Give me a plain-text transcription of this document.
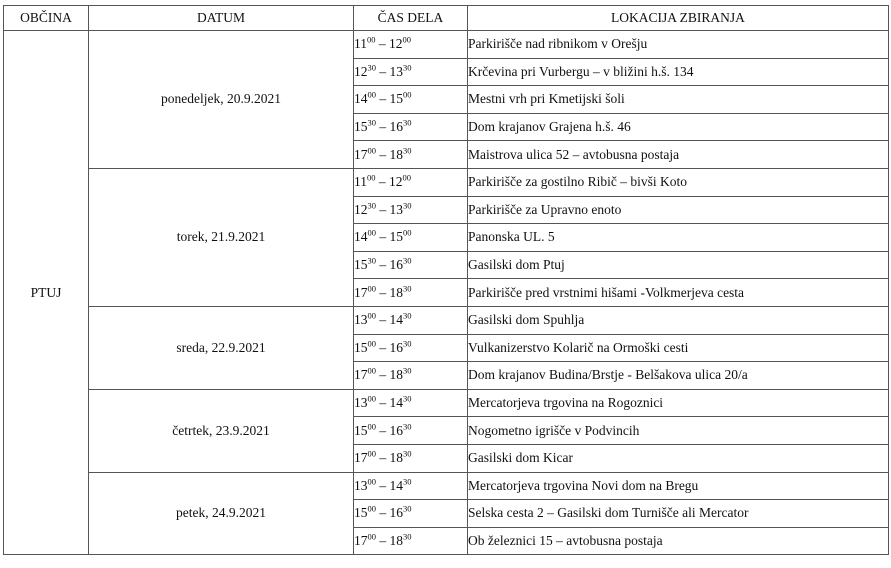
OBČINA	DATUM	ČAS DELA	LOKACIJA ZBIRANJA
PTUJ	ponedeljek, 20.9.2021	$11^{00} - 12^{00}$	Parkirišče nad ribnikom v Orešju
		$12^{30} - 13^{30}$	Krčevina pri Vurbergu – v bližini h.š. 134
		$14^{00} - 15^{00}$	Mestni vrh pri Kmetijski šoli
		$15^{30} - 16^{30}$	Dom krajanov Grajena h.š. 46
		$17^{00} - 18^{30}$	Maistrova ulica 52 – avtobusna postaja
	torek, 21.9.2021	$11^{00} - 12^{00}$	Parkirišče za gostilno Ribič – bivši Koto
		$12^{30} - 13^{30}$	Parkirišče za Upravno enoto
		$14^{00} - 15^{00}$	Panonska UL. 5
		$15^{30} - 16^{30}$	Gasilski dom Ptuj
		$17^{00} - 18^{30}$	Parkirišče pred vrstnimi hišami -Volkmerjeva cesta
	sreda, 22.9.2021	$13^{00} - 14^{30}$	Gasilski dom Spuhlja
		$15^{00} - 16^{30}$	Vulkanizerstvo Kolarič na Ormoški cesti
		$17^{00} - 18^{30}$	Dom krajanov Budina/Brstje - Belšakova ulica 20/a
	četrtek, 23.9.2021	$13^{00} - 14^{30}$	Mercatorjeva trgovina na Rogoznici
		$15^{00} - 16^{30}$	Nogometno igrišče v Podvincih
		$17^{00} - 18^{30}$	Gasilski dom Kicar
	petek, 24.9.2021	$13^{00} - 14^{30}$	Mercatorjeva trgovina Novi dom na Bregu
		$15^{00} - 16^{30}$	Selska cesta 2 – Gasilski dom Turnišče ali Mercator
		$17^{00} - 18^{30}$	Ob železnici 15 – avtobusna postaja
